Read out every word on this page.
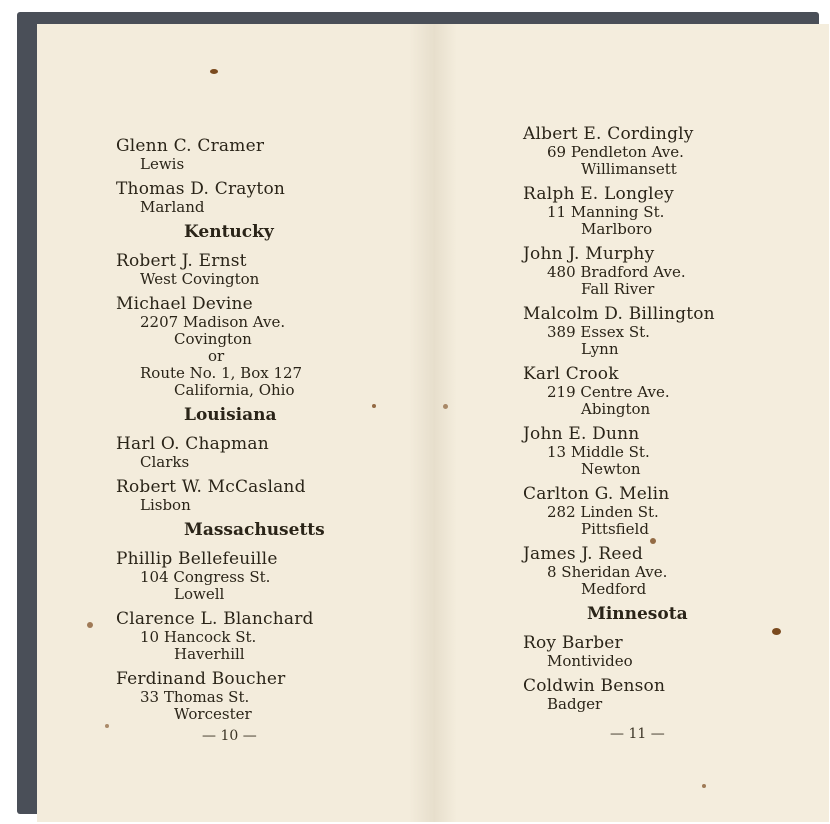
Glenn C. Cramer
Lewis
Thomas D. Crayton
Marland
Kentucky
Robert J. Ernst
West Covington
Michael Devine
2207 Madison Ave.
Covington
or
Route No. 1, Box 127
California, Ohio
Louisiana
Harl O. Chapman
Clarks
Robert W. McCasland
Lisbon
Massachusetts
Phillip Bellefeuille
104 Congress St.
Lowell
Clarence L. Blanchard
10 Hancock St.
Haverhill
Ferdinand Boucher
33 Thomas St.
Worcester
— 10 —
Albert E. Cordingly
69 Pendleton Ave.
Willimansett
Ralph E. Longley
11 Manning St.
Marlboro
John J. Murphy
480 Bradford Ave.
Fall River
Malcolm D. Billington
389 Essex St.
Lynn
Karl Crook
219 Centre Ave.
Abington
John E. Dunn
13 Middle St.
Newton
Carlton G. Melin
282 Linden St.
Pittsfield
James J. Reed
8 Sheridan Ave.
Medford
Minnesota
Roy Barber
Montivideo
Coldwin Benson
Badger
— 11 —
